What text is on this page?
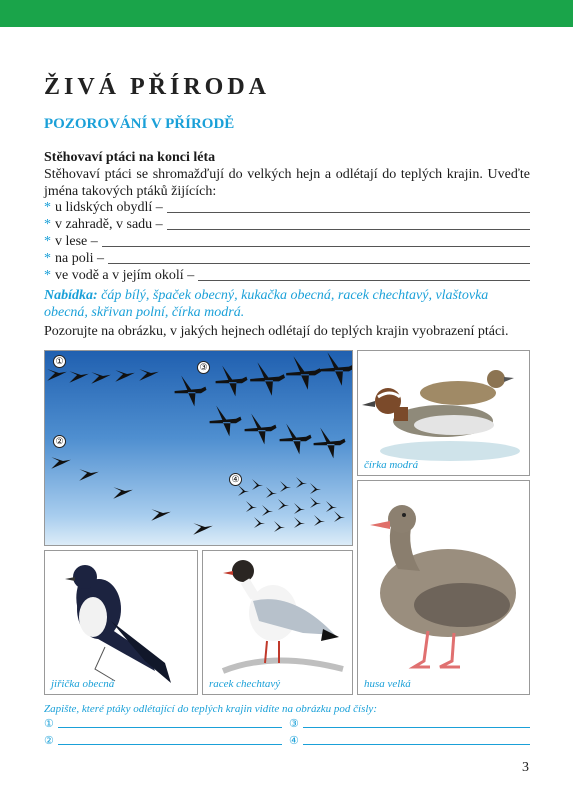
ŽIVÁ PŘÍRODA
POZOROVÁNÍ V PŘÍRODĚ
Stěhovaví ptáci na konci léta
Stěhovaví ptáci se shromažďují do velkých hejn a odlétají do teplých krajin. Uveďte jména takových ptáků žijících:
* u lidských obydlí –
* v zahradě, v sadu –
* v lese –
* na poli –
* ve vodě a v jejím okolí –
Nabídka: čáp bílý, špaček obecný, kukačka obecná, racek chechtavý, vlaštovka obecná, skřivan polní, čírka modrá.
Pozorujte na obrázku, v jakých hejnech odlétají do teplých krajin vyobrazení ptáci.
①
②
③
④
čírka modrá
husa velká
jiřička obecná	racek chechtavý
Zapište, které ptáky odlétající do teplých krajin vidíte na obrázku pod čísly:
①	③
②	④
3
